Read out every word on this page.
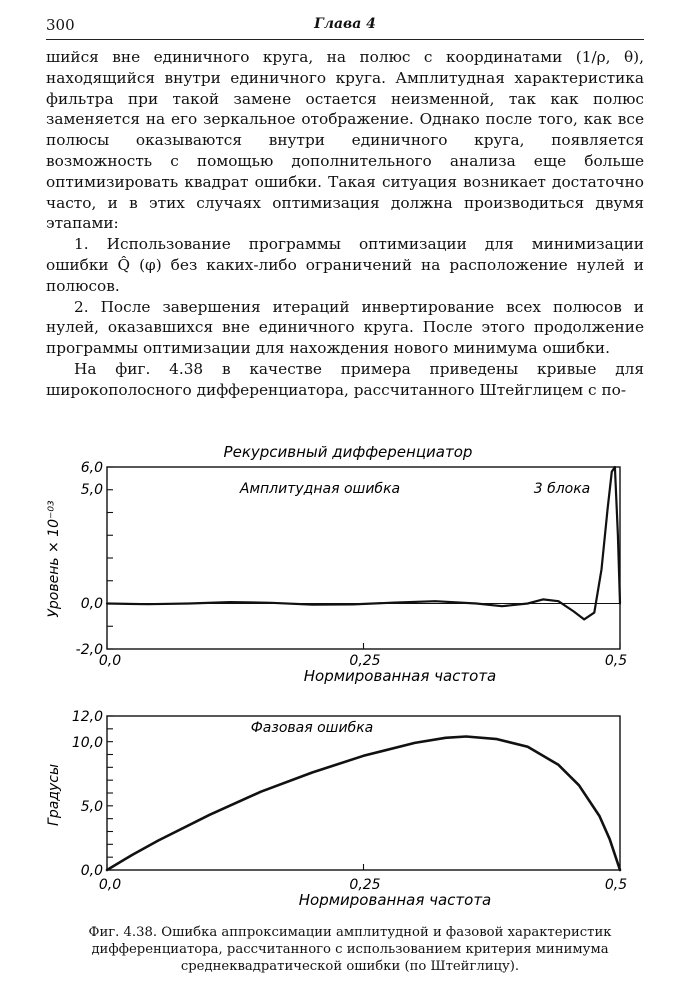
300	Глава 4

шийся вне единичного круга, на полюс с координатами (1/ρ, θ), находящийся внутри единичного круга. Амплитудная характеристика фильтра при такой замене остается неизменной, так как полюс заменяется на его зеркальное отображение. Однако после того, как все полюсы оказываются внутри единичного круга, появляется возможность с помощью дополнительного анализа еще больше оптимизировать квадрат ошибки. Такая ситуация возникает достаточно часто, и в этих случаях оптимизация должна производиться двумя этапами:

1. Использование программы оптимизации для минимизации ошибки Q̂ (φ) без каких-либо ограничений на расположение нулей и полюсов.

2. После завершения итераций инвертирование всех полюсов и нулей, оказавшихся вне единичного круга. После этого продолжение программы оптимизации для нахождения нового минимума ошибки.

На фиг. 4.38 в качестве примера приведены кривые для широкополосного дифференциатора, рассчитанного Штейглицем с по-

Рекурсивный дифференциатор
Амплитудная ошибка	3 блока
Уровень × 10⁻⁰³
6,0
5,0
0,0
-2,0
0,0	0,25	0,5
Нормированная частота
Фазовая ошибка
Градусы
12,0
10,0
5,0
0,0
0,0	0,25	0,5
Нормированная частота
Фиг. 4.38. Ошибка аппроксимации амплитудной и фазовой характеристик дифференциатора, рассчитанного с использованием критерия минимума среднеквадратической ошибки (по Штейглицу).
